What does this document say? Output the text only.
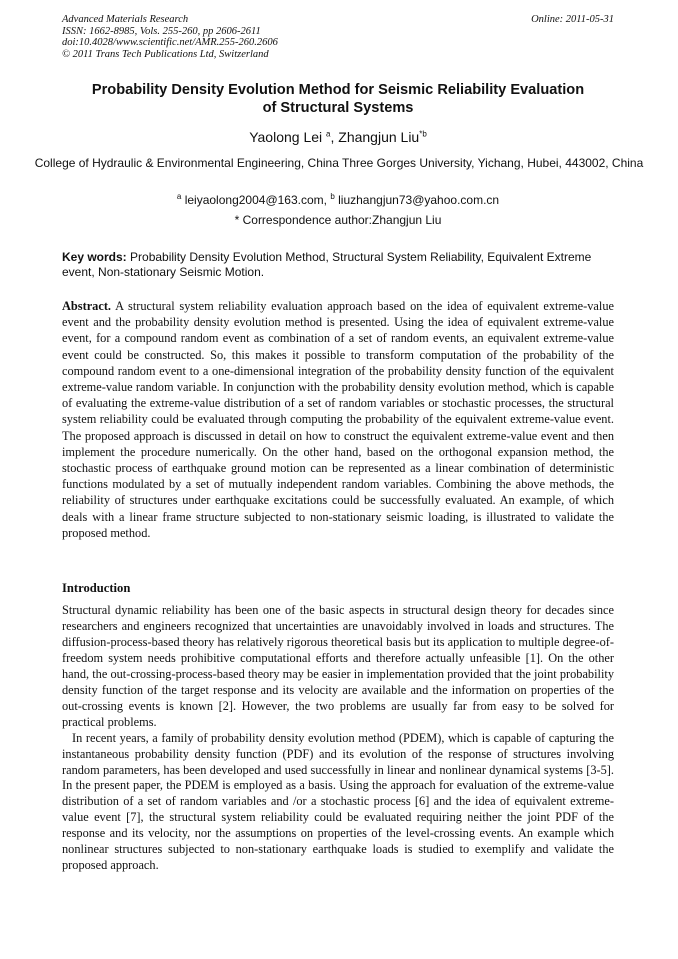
Advanced Materials Research
ISSN: 1662-8985, Vols. 255-260, pp 2606-2611
doi:10.4028/www.scientific.net/AMR.255-260.2606
© 2011 Trans Tech Publications Ltd, Switzerland
Online: 2011-05-31
Probability Density Evolution Method for Seismic Reliability Evaluation
of Structural Systems
Yaolong Lei $^a$, Zhangjun Liu$^{*b}$
College of Hydraulic & Environmental Engineering, China Three Gorges University, Yichang, Hubei, 443002, China
$^a$ leiyaolong2004@163.com, $^b$ liuzhangjun73@yahoo.com.cn
* Correspondence author:Zhangjun Liu
Key words: Probability Density Evolution Method, Structural System Reliability, Equivalent Extreme event, Non-stationary Seismic Motion.
Abstract. A structural system reliability evaluation approach based on the idea of equivalent extreme-value event and the probability density evolution method is presented. Using the idea of equivalent extreme-value event, for a compound random event as combination of a set of random events, an equivalent extreme-value event could be constructed. So, this makes it possible to transform computation of the probability of the compound random event to a one-dimensional integration of the probability density function of the equivalent extreme-value random variable. In conjunction with the probability density evolution method, which is capable of evaluating the extreme-value distribution of a set of random variables or stochastic processes, the structural system reliability could be evaluated through computing the probability of the equivalent extreme-value event. The proposed approach is discussed in detail on how to construct the equivalent extreme-value event and then implement the procedure numerically. On the other hand, based on the orthogonal expansion method, the stochastic process of earthquake ground motion can be represented as a linear combination of deterministic functions modulated by a set of mutually independent random variables. Combining the above methods, the reliability of structures under earthquake excitations could be successfully evaluated. An example, of which deals with a linear frame structure subjected to non-stationary seismic loading, is illustrated to validate the proposed method.
Introduction

Structural dynamic reliability has been one of the basic aspects in structural design theory for decades since researchers and engineers recognized that uncertainties are unavoidably involved in loads and structures. The diffusion-process-based theory has relatively rigorous theoretical basis but its application to multiple degree-of-freedom system needs prohibitive computational efforts and therefore actually unfeasible [1]. On the other hand, the out-crossing-process-based theory may be easier in implementation provided that the joint probability density function of the target response and its velocity are available and the information on properties of the out-crossing events is known [2]. However, the two problems are usually far from easy to be solved for practical problems.

In recent years, a family of probability density evolution method (PDEM), which is capable of capturing the instantaneous probability density function (PDF) and its evolution of the response of structures involving random parameters, has been developed and used successfully in linear and nonlinear dynamical systems [3-5]. In the present paper, the PDEM is employed as a basis. Using the approach for evaluation of the extreme-value distribution of a set of random variables and /or a stochastic process [6] and the idea of equivalent extreme-value event [7], the structural system reliability could be evaluated requiring neither the joint PDF of the response and its velocity, nor the assumptions on properties of the level-crossing events. An example which nonlinear structures subjected to non-stationary earthquake loads is studied to exemplify and validate the proposed approach.
